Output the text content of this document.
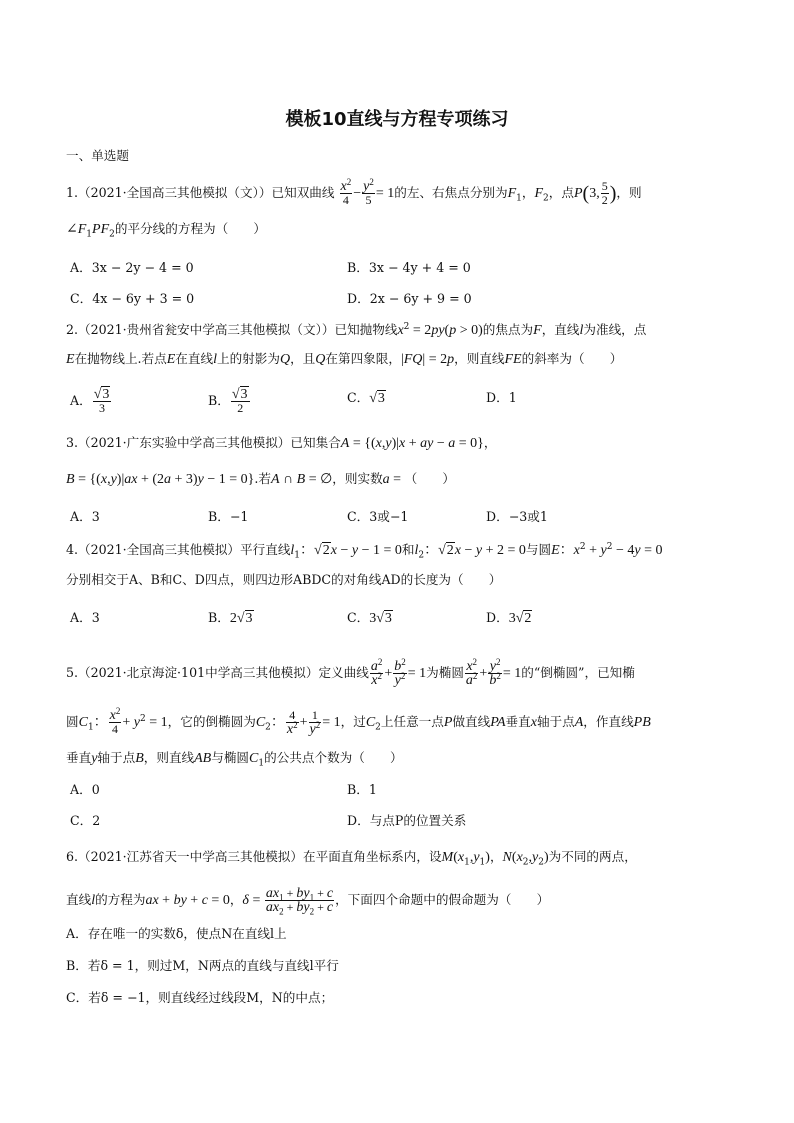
模板10直线与方程专项练习
一、单选题
1.（2021·全国高三其他模拟（文））已知双曲线 $\frac{x^2}{4} - \frac{y^2}{5} = 1$的左、右焦点分别为$F_1$，$F_2$，点P(3, $\frac{5}{2}$ )，则
$\angle F_1PF_2$的平分线的方程为（　　）
A．3x − 2y − 4 = 0	B．3x − 4y + 4 = 0
C．4x − 6y + 3 = 0	D．2x − 6y + 9 = 0
2.（2021·贵州省瓮安中学高三其他模拟（文））已知抛物线$x^2 = 2py(p > 0)$的焦点为F，直线l为准线，点
E在抛物线上.若点E在直线l上的射影为Q，且Q在第四象限，|FQ| = 2p，则直线FE的斜率为（　　）
A． $\frac{√3}{3}$	B． $\frac{√3}{2}$	C．√3	D．1
3.（2021·广东实验中学高三其他模拟）已知集合A = {(x,y)|x + ay − a = 0}，
B = {(x,y)|ax + (2a + 3)y − 1 = 0}.若A ∩ B = ∅，则实数a = （　　）
A．3	B．−1	C．3或−1	D．−3或1
4.（2021·全国高三其他模拟）平行直线$l_1$：√2x − y − 1 = 0和$l_2$：√2x − y + 2 = 0与圆E：$x^2 + y^2 - 4y = 0$
分别相交于A、B和C、D四点，则四边形ABDC的对角线AD的长度为（　　）
A．3	B．2√3	C．3√3	D．3√2
5.（2021·北京海淀·101中学高三其他模拟）定义曲线 $\frac{a^2}{x^2} + \frac{b^2}{y^2} = 1$为椭圆 $\frac{x^2}{a^2} + \frac{y^2}{b^2} = 1$的“倒椭圆”，已知椭
圆$C_1$： $\frac{x^2}{4} + y^2 = 1$，它的倒椭圆为$C_2$： $\frac{4}{x^2} + \frac{1}{y^2} = 1$，过$C_2$上任意一点P做直线PA垂直x轴于点A，作直线PB
垂直y轴于点B，则直线AB与椭圆$C_1$的公共点个数为（　　）
A．0	B．1
C．2	D．与点P的位置关系
6.（2021·江苏省天一中学高三其他模拟）在平面直角坐标系内，设$M(x_1,y_1)$，$N(x_2,y_2)$为不同的两点，
直线l的方程为ax + by + c = 0，$\delta = \frac{ax_1 + by_1 + c}{ax_2 + by_2 + c}$ ，下面四个命题中的假命题为（　　）
A．存在唯一的实数δ，使点N在直线l上
B．若δ = 1，则过M，N两点的直线与直线l平行
C．若δ = −1，则直线经过线段M，N的中点；
